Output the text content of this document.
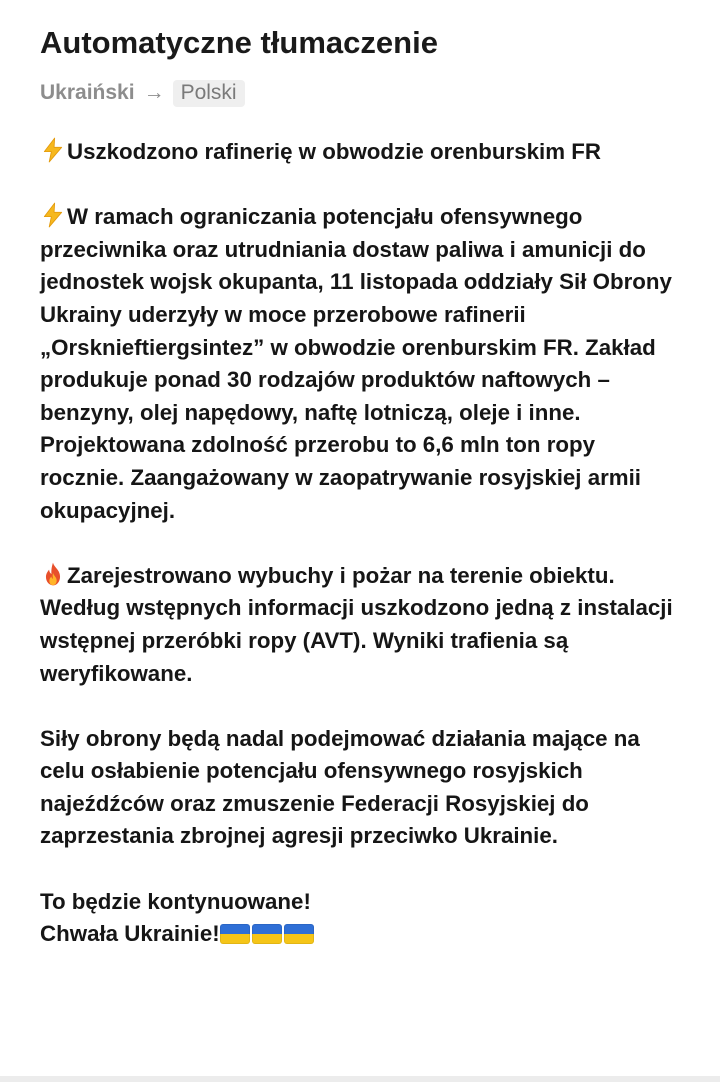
Automatyczne tłumaczenie
Ukraiński → Polski

Uszkodzono rafinerię w obwodzie orenburskim FR

W ramach ograniczania potencjału ofensywnego przeciwnika oraz utrudniania dostaw paliwa i amunicji do jednostek wojsk okupanta, 11 listopada oddziały Sił Obrony Ukrainy uderzyły w moce przerobowe rafinerii „Orsknieftiergsintez” w obwodzie orenburskim FR. Zakład produkuje ponad 30 rodzajów produktów naftowych – benzyny, olej napędowy, naftę lotniczą, oleje i inne. Projektowana zdolność przerobu to 6,6 mln ton ropy rocznie. Zaangażowany w zaopatrywanie rosyjskiej armii okupacyjnej.

Zarejestrowano wybuchy i pożar na terenie obiektu. Według wstępnych informacji uszkodzono jedną z instalacji wstępnej przeróbki ropy (AVT). Wyniki trafienia są weryfikowane.

Siły obrony będą nadal podejmować działania mające na celu osłabienie potencjału ofensywnego rosyjskich najeźdźców oraz zmuszenie Federacji Rosyjskiej do zaprzestania zbrojnej agresji przeciwko Ukrainie.

To będzie kontynuowane!
Chwała Ukrainie!
